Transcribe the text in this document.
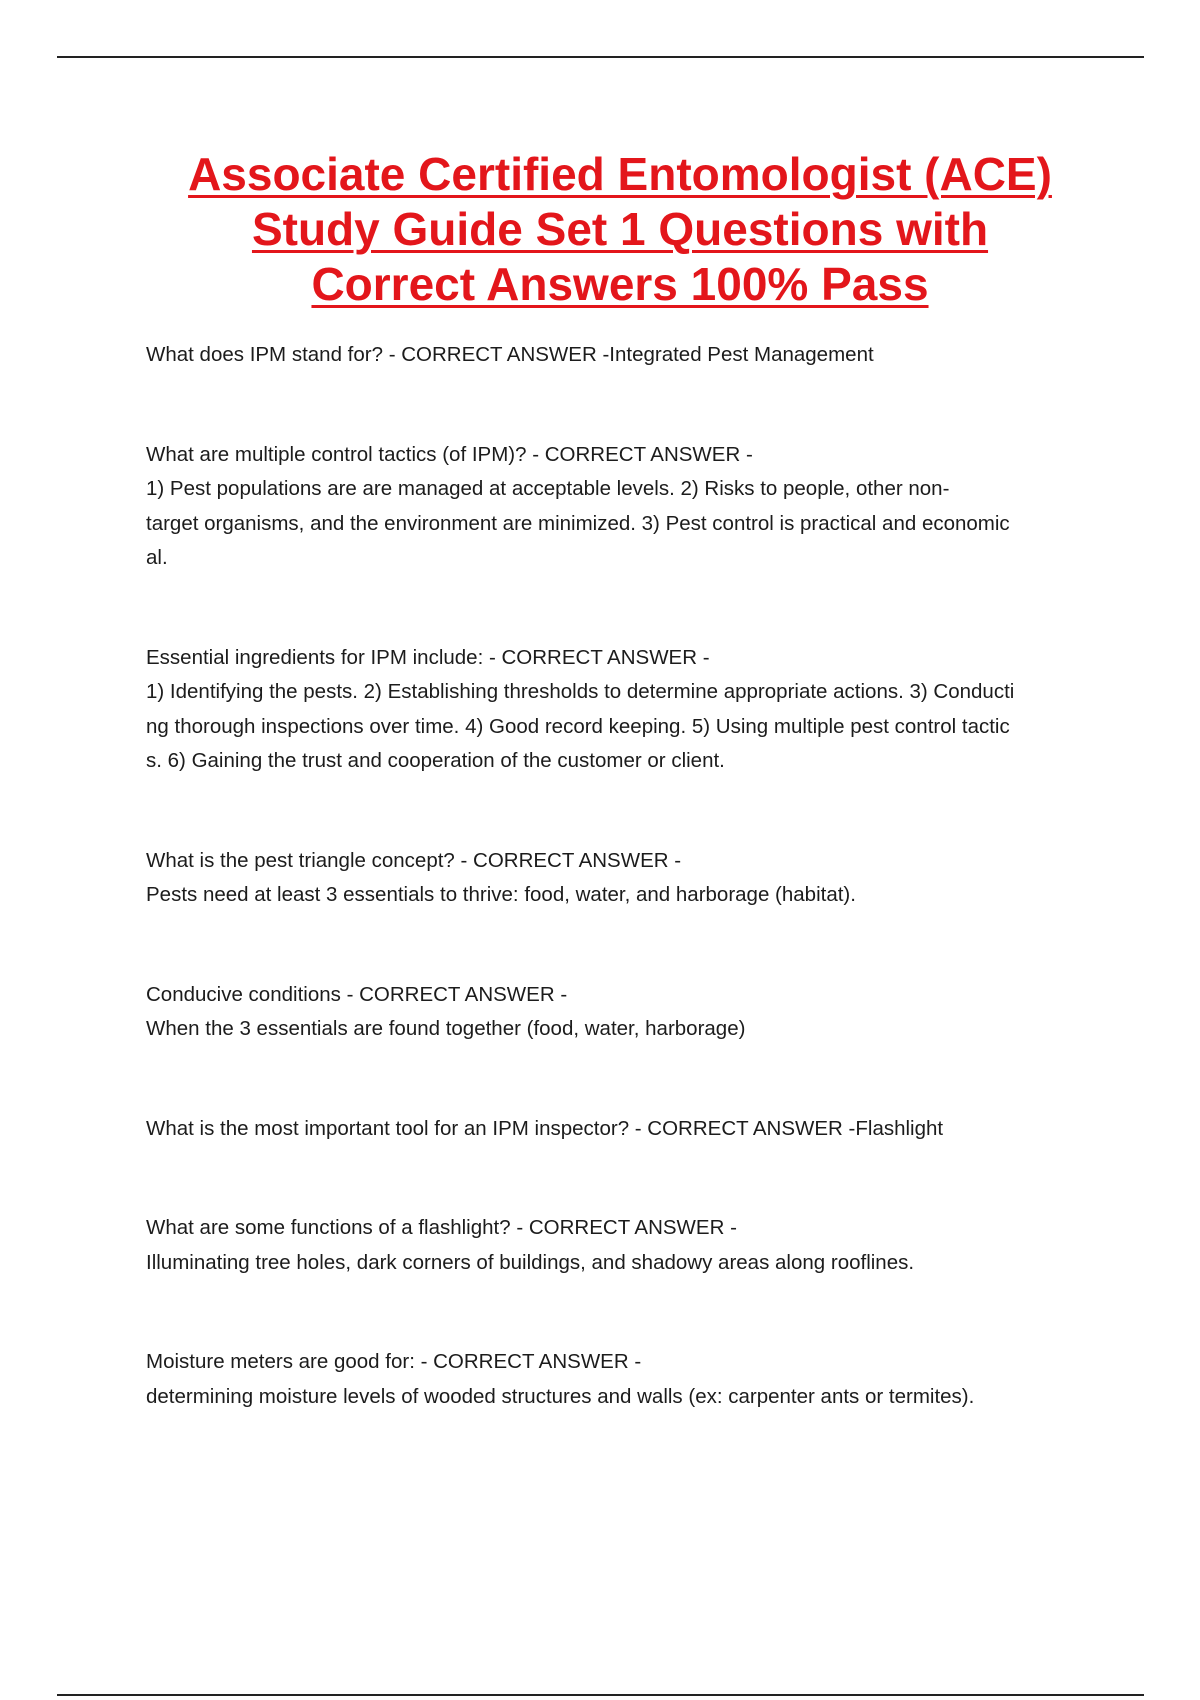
Associate Certified Entomologist (ACE)
Study Guide Set 1 Questions with
Correct Answers 100% Pass
What does IPM stand for? - CORRECT ANSWER -Integrated Pest Management
What are multiple control tactics (of IPM)? - CORRECT ANSWER -
1) Pest populations are are managed at acceptable levels. 2) Risks to people, other non-
target organisms, and the environment are minimized. 3) Pest control is practical and economic
al.
Essential ingredients for IPM include: - CORRECT ANSWER -
1) Identifying the pests. 2) Establishing thresholds to determine appropriate actions. 3) Conducti
ng thorough inspections over time. 4) Good record keeping. 5) Using multiple pest control tactic
s. 6) Gaining the trust and cooperation of the customer or client.
What is the pest triangle concept? - CORRECT ANSWER -
Pests need at least 3 essentials to thrive: food, water, and harborage (habitat).
Conducive conditions - CORRECT ANSWER -
When the 3 essentials are found together (food, water, harborage)
What is the most important tool for an IPM inspector? - CORRECT ANSWER -Flashlight
What are some functions of a flashlight? - CORRECT ANSWER -
Illuminating tree holes, dark corners of buildings, and shadowy areas along rooflines.
Moisture meters are good for: - CORRECT ANSWER -
determining moisture levels of wooded structures and walls (ex: carpenter ants or termites).
